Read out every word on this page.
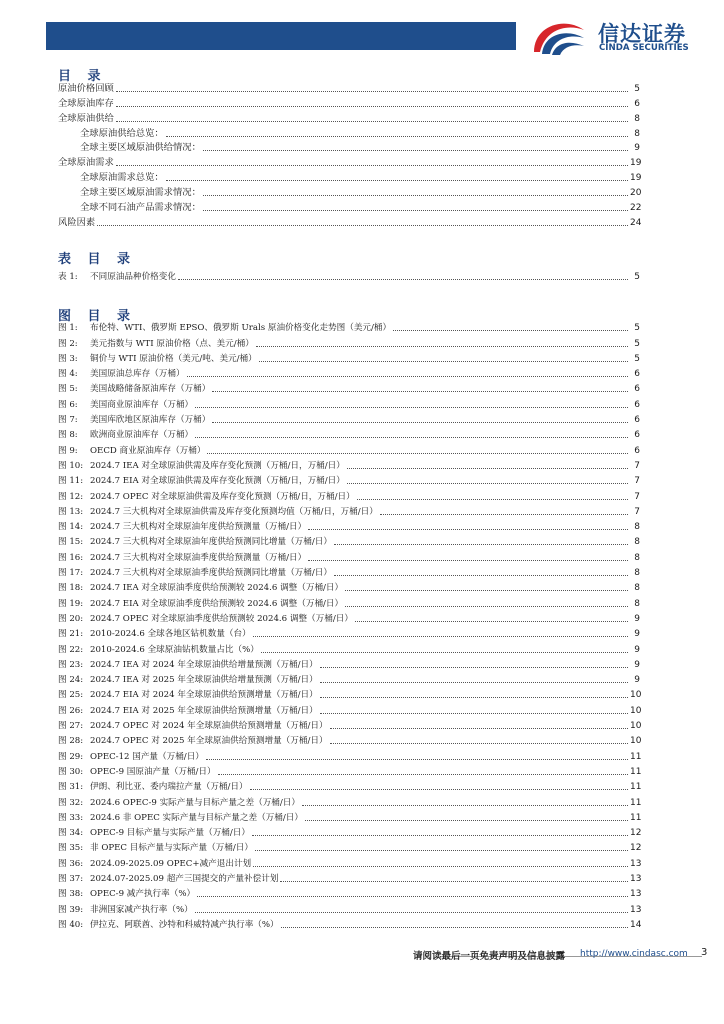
信达证券
CINDA SECURITIES
目 录
原油价格回顾	5
全球原油库存	6
全球原油供给	8
全球原油供给总览：	8
全球主要区域原油供给情况：	9
全球原油需求	19
全球原油需求总览：	19
全球主要区域原油需求情况：	20
全球不同石油产品需求情况：	22
风险因素	24
表 目 录
表 1:	不同原油品种价格变化	5
图 目 录
图 1:	布伦特、WTI、俄罗斯 EPSO、俄罗斯 Urals 原油价格变化走势图（美元/桶）	5
图 2:	美元指数与 WTI 原油价格（点、美元/桶）	5
图 3:	铜价与 WTI 原油价格（美元/吨、美元/桶）	5
图 4:	美国原油总库存（万桶）	6
图 5:	美国战略储备原油库存（万桶）	6
图 6:	美国商业原油库存（万桶）	6
图 7:	美国库欣地区原油库存（万桶）	6
图 8:	欧洲商业原油库存（万桶）	6
图 9:	OECD 商业原油库存（万桶）	6
图 10: 2024.7 IEA 对全球原油供需及库存变化预测（万桶/日，万桶/日）	7
图 11: 2024.7 EIA 对全球原油供需及库存变化预测（万桶/日，万桶/日）	7
图 12: 2024.7 OPEC 对全球原油供需及库存变化预测（万桶/日，万桶/日）	7
图 13: 2024.7 三大机构对全球原油供需及库存变化预测均值（万桶/日，万桶/日）	7
图 14: 2024.7 三大机构对全球原油年度供给预测量（万桶/日）	8
图 15: 2024.7 三大机构对全球原油年度供给预测同比增量（万桶/日）	8
图 16: 2024.7 三大机构对全球原油季度供给预测量（万桶/日）	8
图 17: 2024.7 三大机构对全球原油季度供给预测同比增量（万桶/日）	8
图 18: 2024.7 IEA 对全球原油季度供给预测较 2024.6 调整（万桶/日）	8
图 19: 2024.7 EIA 对全球原油季度供给预测较 2024.6 调整（万桶/日）	8
图 20: 2024.7 OPEC 对全球原油季度供给预测较 2024.6 调整（万桶/日）	9
图 21: 2010-2024.6 全球各地区钻机数量（台）	9
图 22: 2010-2024.6 全球原油钻机数量占比（%）	9
图 23: 2024.7 IEA 对 2024 年全球原油供给增量预测（万桶/日）	9
图 24: 2024.7 IEA 对 2025 年全球原油供给增量预测（万桶/日）	9
图 25: 2024.7 EIA 对 2024 年全球原油供给预测增量（万桶/日）	10
图 26: 2024.7 EIA 对 2025 年全球原油供给预测增量（万桶/日）	10
图 27: 2024.7 OPEC 对 2024 年全球原油供给预测增量（万桶/日）	10
图 28: 2024.7 OPEC 对 2025 年全球原油供给预测增量（万桶/日）	10
图 29: OPEC-12 国产量（万桶/日）	11
图 30: OPEC-9 国原油产量（万桶/日）	11
图 31: 伊朗、利比亚、委内瑞拉产量（万桶/日）	11
图 32: 2024.6 OPEC-9 实际产量与目标产量之差（万桶/日）	11
图 33: 2024.6 非 OPEC 实际产量与目标产量之差（万桶/日）	11
图 34: OPEC-9 目标产量与实际产量（万桶/日）	12
图 35: 非 OPEC 目标产量与实际产量（万桶/日）	12
图 36: 2024.09-2025.09 OPEC+减产退出计划	13
图 37: 2024.07-2025.09 超产三国提交的产量补偿计划	13
图 38: OPEC-9 减产执行率（%）	13
图 39: 非洲国家减产执行率（%）	13
图 40: 伊拉克、阿联酋、沙特和科威特减产执行率（%）	14
请阅读最后一页免责声明及信息披露 http://www.cindasc.com 3
